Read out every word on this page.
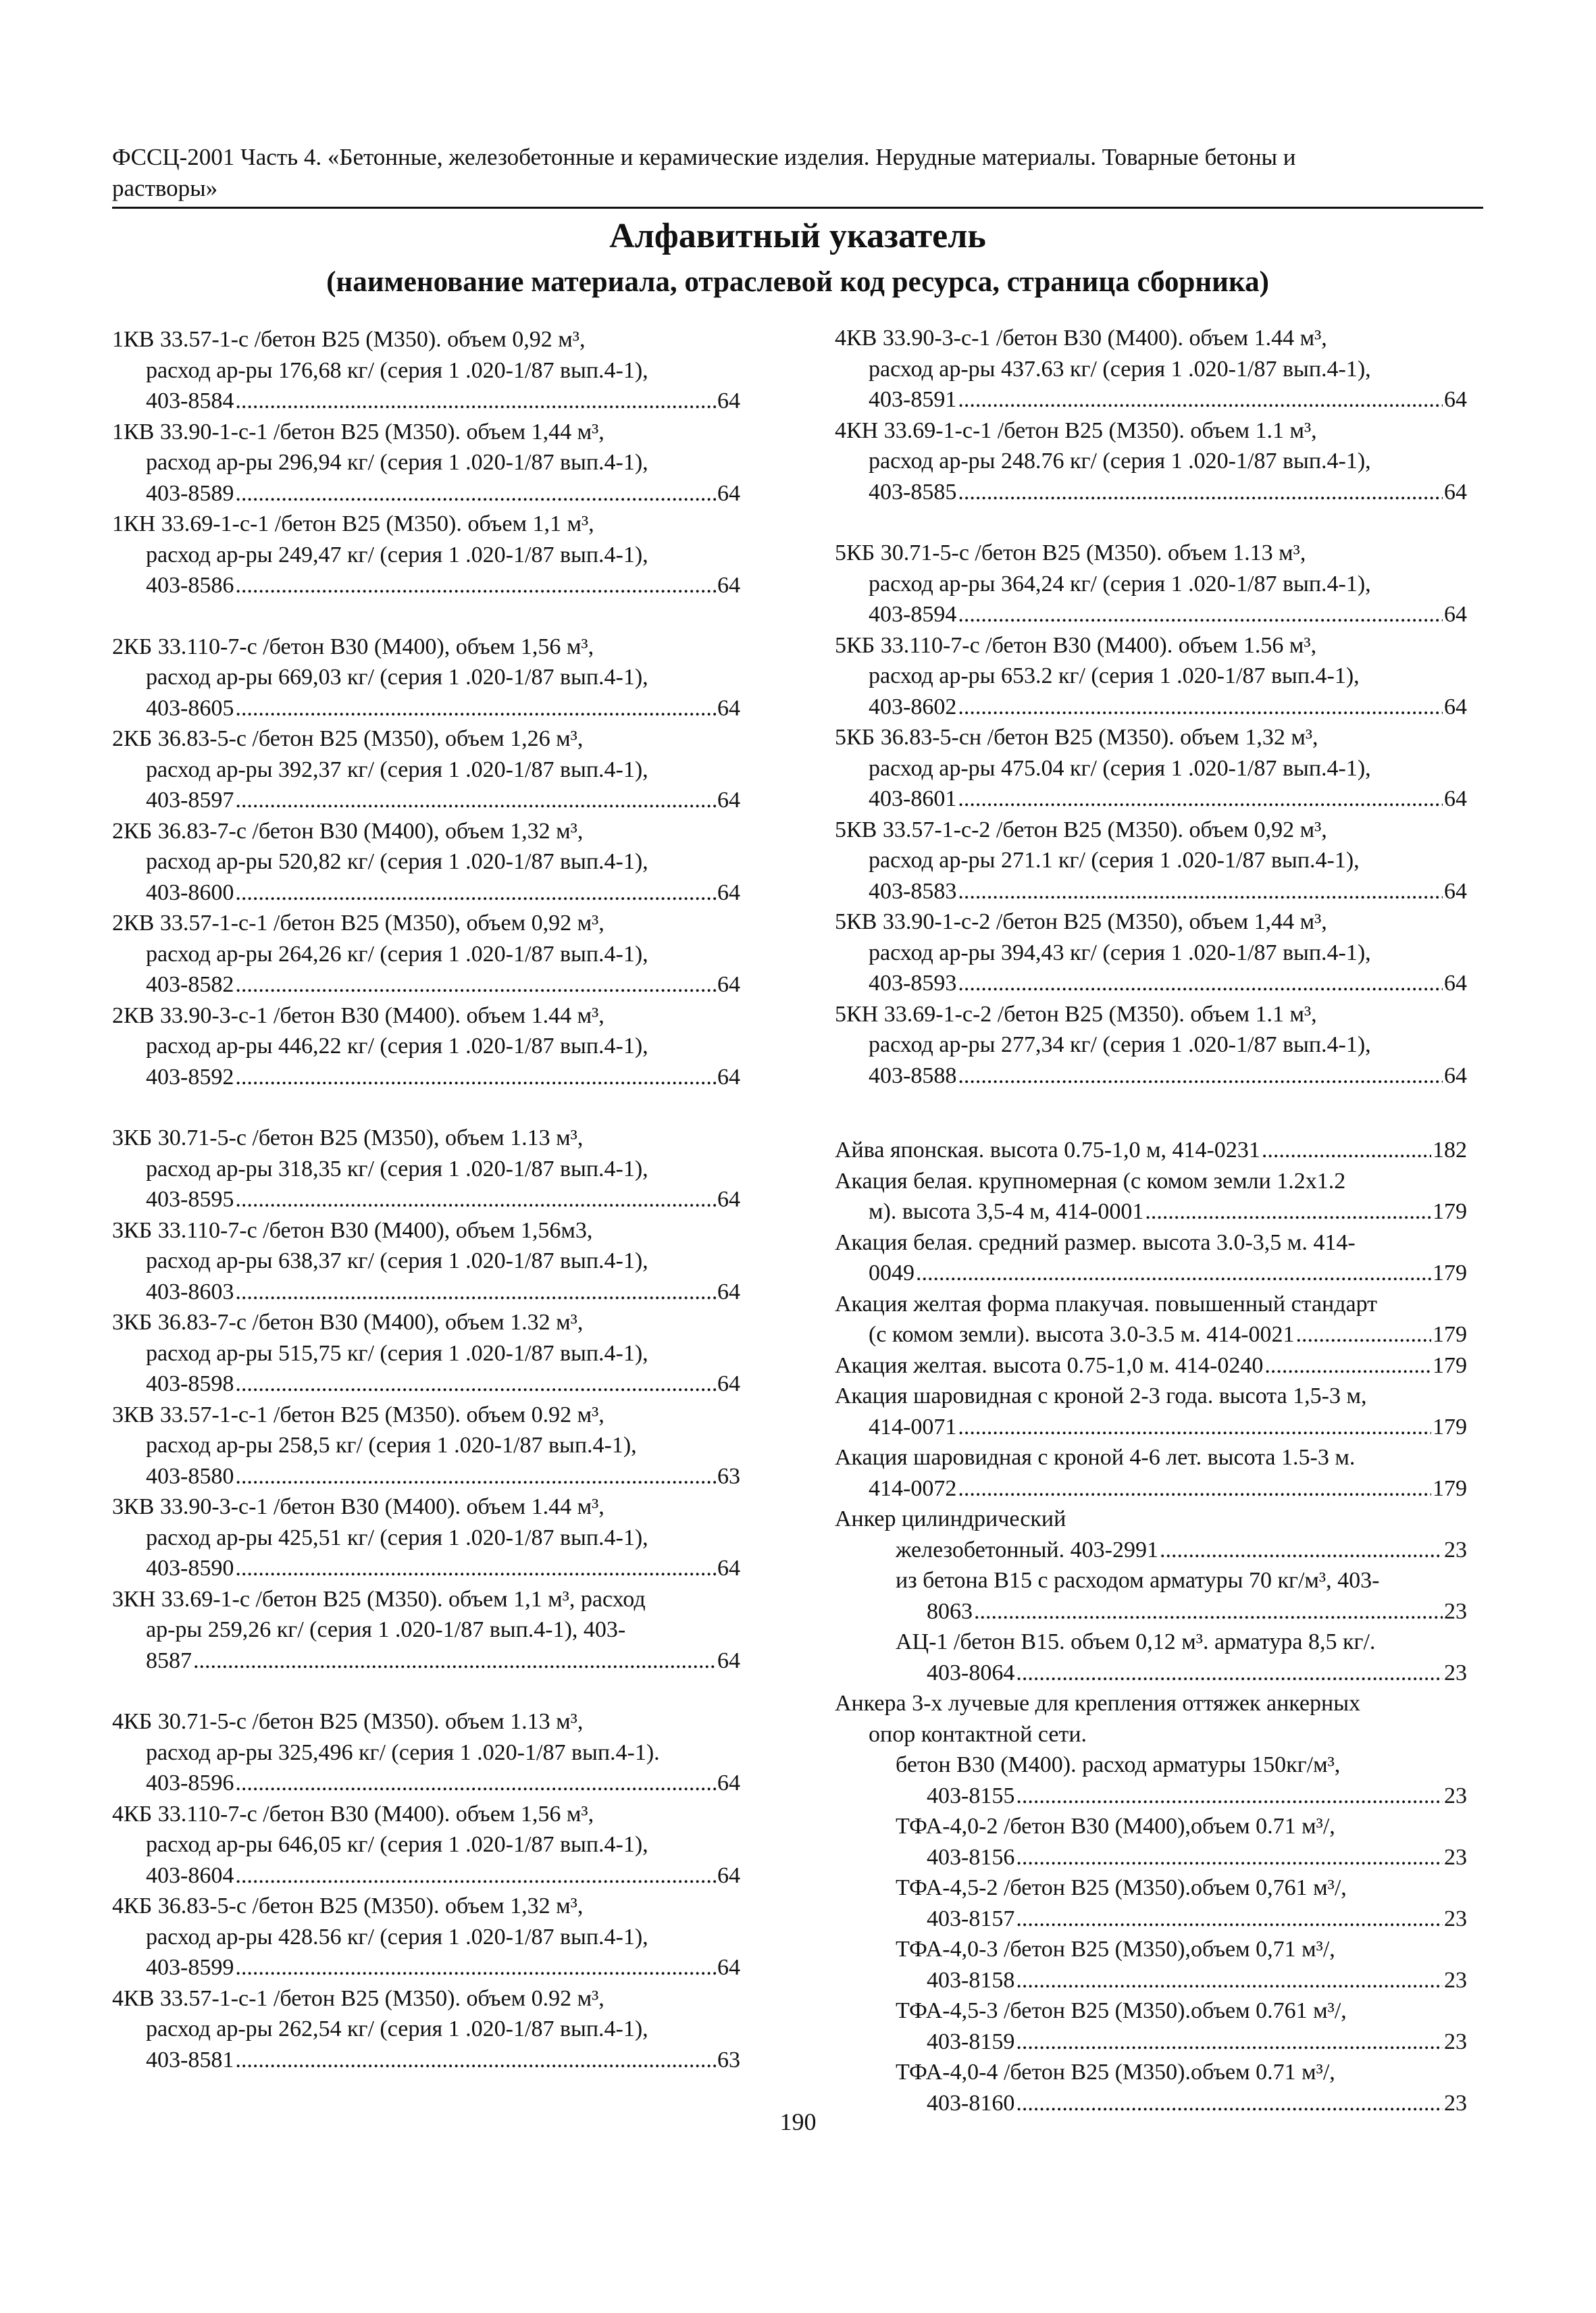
ФССЦ-2001 Часть 4. «Бетонные, железобетонные и керамические изделия. Нерудные материалы. Товарные бетоны и
растворы»
Алфавитный указатель
(наименование материала, отраслевой код ресурса, страница сборника)
1КВ 33.57-1-с /бетон В25 (М350). объем 0,92 м³,
расход ар-ры 176,68 кг/ (серия 1 .020-1/87 вып.4-1),
403-8584 .....	64
1КВ 33.90-1-с-1 /бетон В25 (М350). объем 1,44 м³,
расход ар-ры 296,94 кг/ (серия 1 .020-1/87 вып.4-1),
403-8589 .....	64
1КН 33.69-1-с-1 /бетон В25 (М350). объем 1,1 м³,
расход ар-ры 249,47 кг/ (серия 1 .020-1/87 вып.4-1),
403-8586 .....	64
2КБ 33.110-7-с /бетон В30 (М400), объем 1,56 м³,
расход ар-ры 669,03 кг/ (серия 1 .020-1/87 вып.4-1),
403-8605 .....	64
2КБ 36.83-5-с /бетон В25 (М350), объем 1,26 м³,
расход ар-ры 392,37 кг/ (серия 1 .020-1/87 вып.4-1),
403-8597 .....	64
2КБ 36.83-7-с /бетон В30 (М400), объем 1,32 м³,
расход ар-ры 520,82 кг/ (серия 1 .020-1/87 вып.4-1),
403-8600 .....	64
2КВ 33.57-1-с-1 /бетон В25 (М350), объем 0,92 м³,
расход ар-ры 264,26 кг/ (серия 1 .020-1/87 вып.4-1),
403-8582 .....	64
2КВ 33.90-3-с-1 /бетон В30 (М400). объем 1.44 м³,
расход ар-ры 446,22 кг/ (серия 1 .020-1/87 вып.4-1),
403-8592 .....	64
3КБ 30.71-5-с /бетон В25 (М350), объем 1.13 м³,
расход ар-ры 318,35 кг/ (серия 1 .020-1/87 вып.4-1),
403-8595 .....	64
3КБ 33.110-7-с /бетон В30 (М400), объем 1,56м3,
расход ар-ры 638,37 кг/ (серия 1 .020-1/87 вып.4-1),
403-8603 .....	64
3КБ 36.83-7-с /бетон В30 (М400), объем 1.32 м³,
расход ар-ры 515,75 кг/ (серия 1 .020-1/87 вып.4-1),
403-8598 .....	64
3КВ 33.57-1-с-1 /бетон В25 (М350). объем 0.92 м³,
расход ар-ры 258,5 кг/ (серия 1 .020-1/87 вып.4-1),
403-8580 .....	63
3КВ 33.90-3-с-1 /бетон В30 (М400). объем 1.44 м³,
расход ар-ры 425,51 кг/ (серия 1 .020-1/87 вып.4-1),
403-8590 .....	64
3КН 33.69-1-с /бетон В25 (М350). объем 1,1 м³, расход
ар-ры 259,26 кг/ (серия 1 .020-1/87 вып.4-1), 403-
8587 .....	64
4КБ 30.71-5-с /бетон В25 (М350). объем 1.13 м³,
расход ар-ры 325,496 кг/ (серия 1 .020-1/87 вып.4-1).
403-8596 .....	64
4КБ 33.110-7-с /бетон В30 (М400). объем 1,56 м³,
расход ар-ры 646,05 кг/ (серия 1 .020-1/87 вып.4-1),
403-8604 .....	64
4КБ 36.83-5-с /бетон В25 (М350). объем 1,32 м³,
расход ар-ры 428.56 кг/ (серия 1 .020-1/87 вып.4-1),
403-8599 .....	64
4КВ 33.57-1-с-1 /бетон В25 (М350). объем 0.92 м³,
расход ар-ры 262,54 кг/ (серия 1 .020-1/87 вып.4-1),
403-8581 .....	63
4КВ 33.90-3-с-1 /бетон В30 (М400). объем 1.44 м³,
расход ар-ры 437.63 кг/ (серия 1 .020-1/87 вып.4-1),
403-8591 .....	64
4КН 33.69-1-с-1 /бетон В25 (М350). объем 1.1 м³,
расход ар-ры 248.76 кг/ (серия 1 .020-1/87 вып.4-1),
403-8585 .....	64
5КБ 30.71-5-с /бетон В25 (М350). объем 1.13 м³,
расход ар-ры 364,24 кг/ (серия 1 .020-1/87 вып.4-1),
403-8594 .....	64
5КБ 33.110-7-с /бетон В30 (М400). объем 1.56 м³,
расход ар-ры 653.2 кг/ (серия 1 .020-1/87 вып.4-1),
403-8602 .....	64
5КБ 36.83-5-сн /бетон В25 (М350). объем 1,32 м³,
расход ар-ры 475.04 кг/ (серия 1 .020-1/87 вып.4-1),
403-8601 .....	64
5КВ 33.57-1-с-2 /бетон В25 (М350). объем 0,92 м³,
расход ар-ры 271.1 кг/ (серия 1 .020-1/87 вып.4-1),
403-8583 .....	64
5КВ 33.90-1-с-2 /бетон В25 (М350), объем 1,44 м³,
расход ар-ры 394,43 кг/ (серия 1 .020-1/87 вып.4-1),
403-8593 .....	64
5КН 33.69-1-с-2 /бетон В25 (М350). объем 1.1 м³,
расход ар-ры 277,34 кг/ (серия 1 .020-1/87 вып.4-1),
403-8588 .....	64
Айва японская. высота 0.75-1,0 м, 414-0231 .....	182
Акация белая. крупномерная (с комом земли 1.2х1.2
м). высота 3,5-4 м, 414-0001 .....	179
Акация белая. средний размер. высота 3.0-3,5 м. 414-
0049 .....	179
Акация желтая форма плакучая. повышенный стандарт
(с комом земли). высота 3.0-3.5 м. 414-0021 .....	179
Акация желтая. высота 0.75-1,0 м. 414-0240 .....	179
Акация шаровидная с кроной 2-3 года. высота 1,5-3 м,
414-0071 .....	179
Акация шаровидная с кроной 4-6 лет. высота 1.5-3 м.
414-0072 .....	179
Анкер цилиндрический
железобетонный. 403-2991 .....	23
из бетона В15 с расходом арматуры 70 кг/м³, 403-
8063 .....	23
АЦ-1 /бетон В15. объем 0,12 м³. арматура 8,5 кг/.
403-8064 .....	23
Анкера 3-х лучевые для крепления оттяжек анкерных
опор контактной сети.
бетон В30 (М400). расход арматуры 150кг/м³,
403-8155 .....	23
ТФА-4,0-2 /бетон В30 (М400),объем 0.71 м³/,
403-8156 .....	23
ТФА-4,5-2 /бетон В25 (М350).объем 0,761 м³/,
403-8157 .....	23
ТФА-4,0-3 /бетон В25 (М350),объем 0,71 м³/,
403-8158 .....	23
ТФА-4,5-3 /бетон В25 (М350).объем 0.761 м³/,
403-8159 .....	23
ТФА-4,0-4 /бетон В25 (М350).объем 0.71 м³/,
403-8160 .....	23
190
